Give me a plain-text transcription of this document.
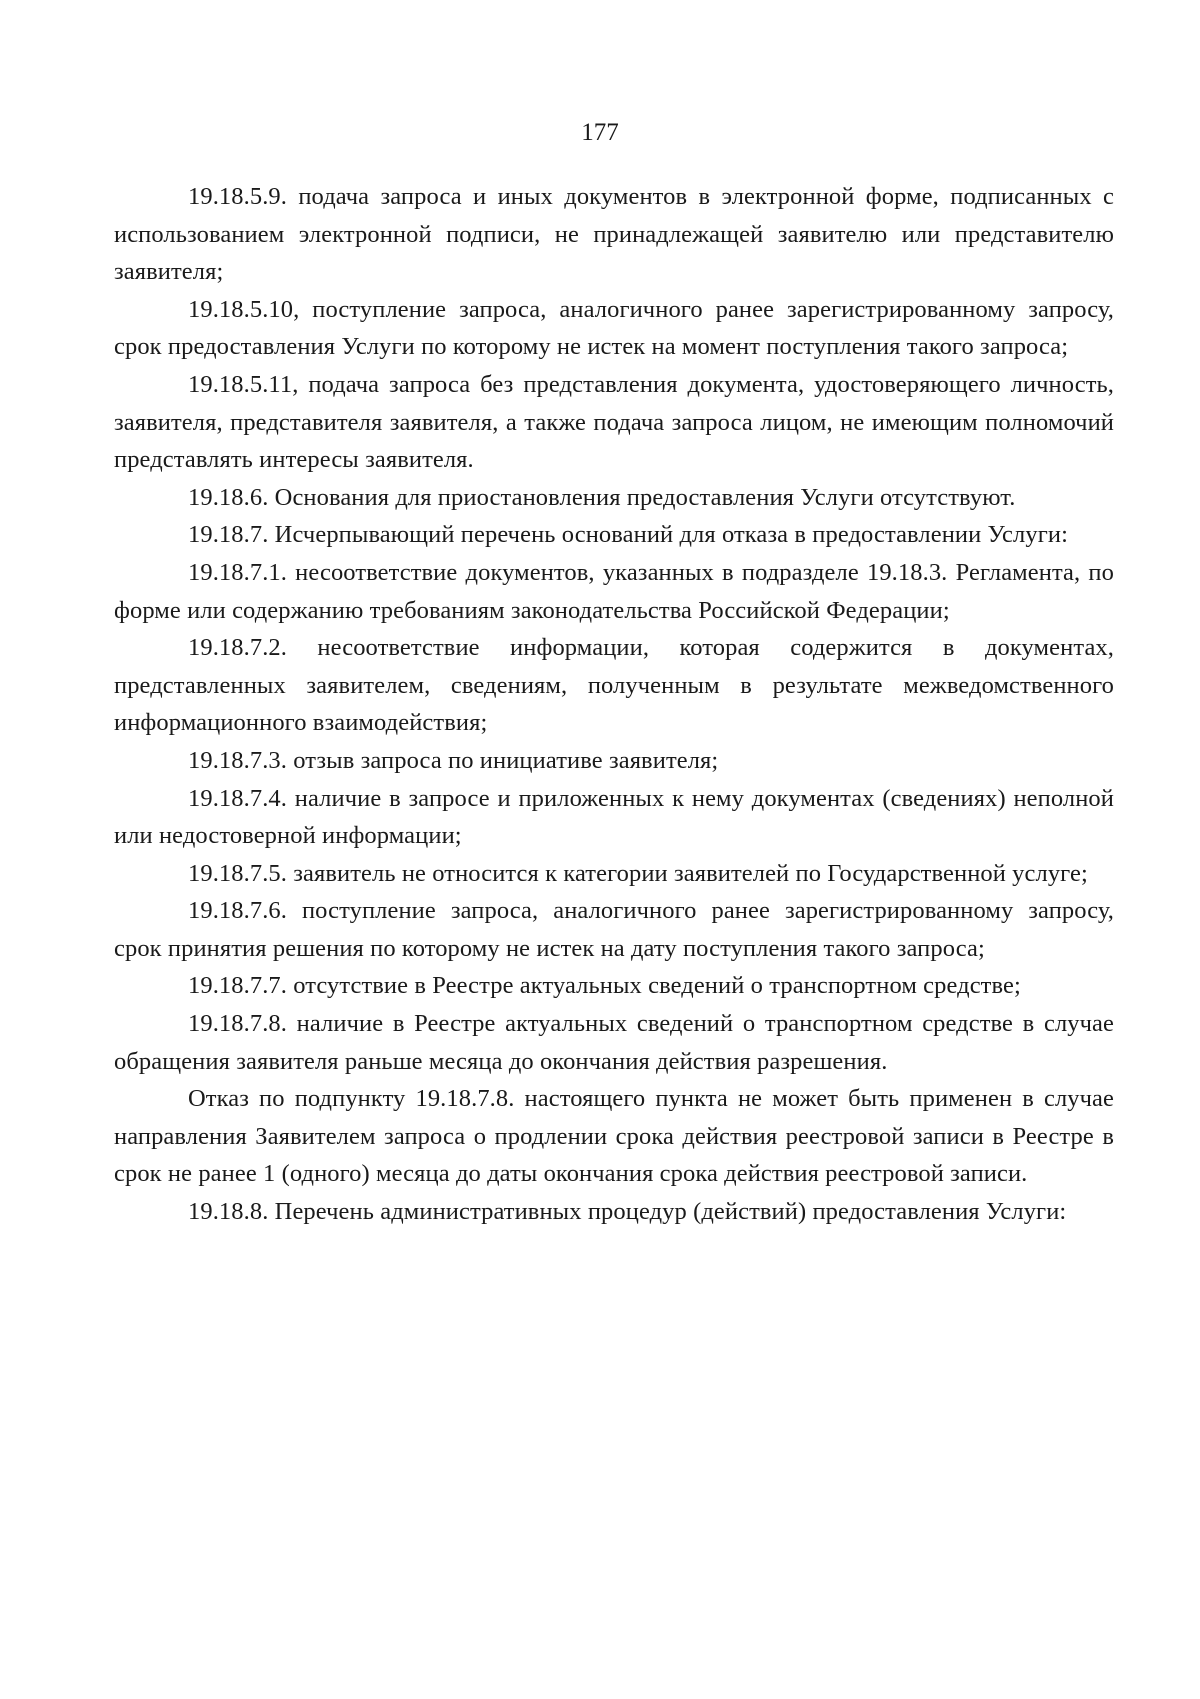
177

19.18.5.9. подача запроса и иных документов в электронной форме, подписанных с использованием электронной подписи, не принадлежащей заявителю или представителю заявителя;

19.18.5.10, поступление запроса, аналогичного ранее зарегистрированному запросу, срок предоставления Услуги по которому не истек на момент поступления такого запроса;

19.18.5.11, подача запроса без представления документа, удостоверяющего личность, заявителя, представителя заявителя, а также подача запроса лицом, не имеющим полномочий представлять интересы заявителя.

19.18.6. Основания для приостановления предоставления Услуги отсутствуют.

19.18.7. Исчерпывающий перечень оснований для отказа в предоставлении Услуги:

19.18.7.1. несоответствие документов, указанных в подразделе 19.18.3. Регламента, по форме или содержанию требованиям законодательства Российской Федерации;

19.18.7.2. несоответствие информации, которая содержится в документах, представленных заявителем, сведениям, полученным в результате межведомственного информационного взаимодействия;

19.18.7.3. отзыв запроса по инициативе заявителя;

19.18.7.4. наличие в запросе и приложенных к нему документах (сведениях) неполной или недостоверной информации;

19.18.7.5. заявитель не относится к категории заявителей по Государственной услуге;

19.18.7.6. поступление запроса, аналогичного ранее зарегистрированному запросу, срок принятия решения по которому не истек на дату поступления такого запроса;

19.18.7.7. отсутствие в Реестре актуальных сведений о транспортном средстве;

19.18.7.8. наличие в Реестре актуальных сведений о транспортном средстве в случае обращения заявителя раньше месяца до окончания действия разрешения.

Отказ по подпункту 19.18.7.8. настоящего пункта не может быть применен в случае направления Заявителем запроса о продлении срока действия реестровой записи в Реестре в срок не ранее 1 (одного) месяца до даты окончания срока действия реестровой записи.

19.18.8. Перечень административных процедур (действий) предоставления Услуги:
